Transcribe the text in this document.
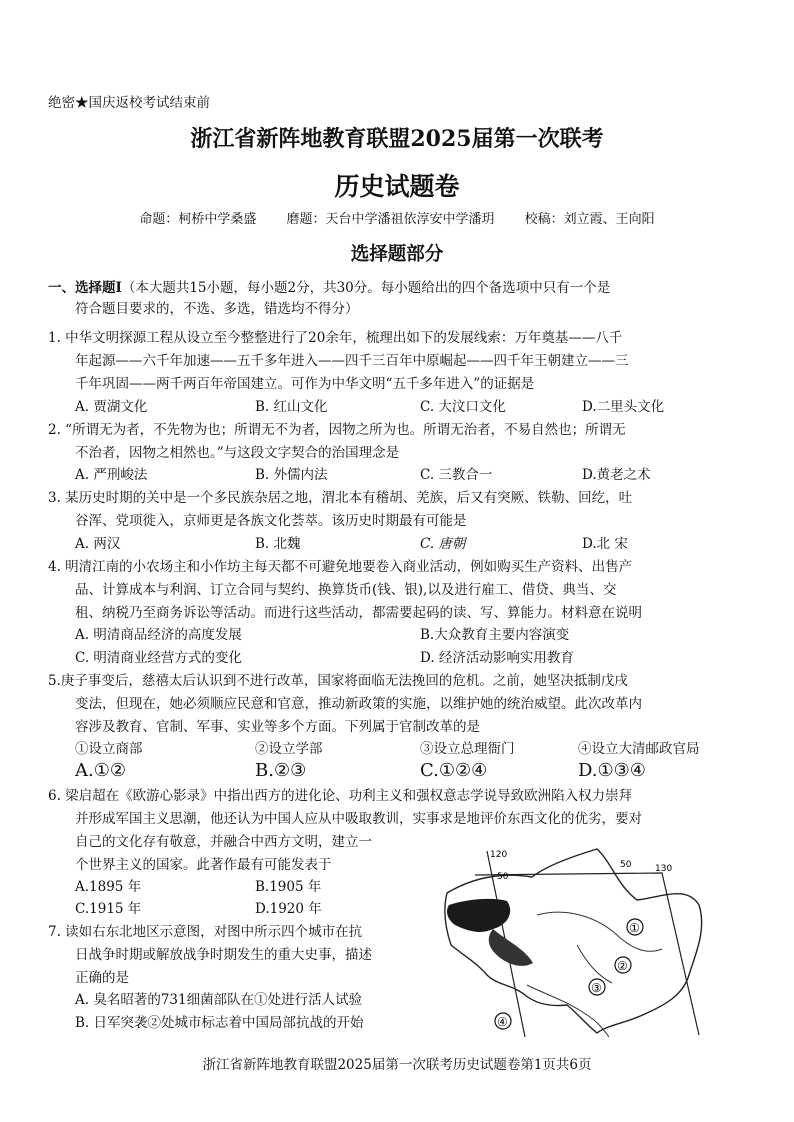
绝密★国庆返校考试结束前
浙江省新阵地教育联盟2025届第一次联考
历史试题卷
命题：柯桥中学桑盛 磨题：天台中学潘祖依淳安中学潘玥 校稿：刘立霞、王向阳
选择题部分
一、选择题Ⅰ（本大题共15小题，每小题2分，共30分。每小题给出的四个备选项中只有一个是
符合题目要求的，不选、多选，错选均不得分）
1. 中华文明探源工程从设立至今整整进行了20余年，梳理出如下的发展线索：万年奠基——八千
年起源——六千年加速——五千多年进入——四千三百年中原崛起——四千年王朝建立——三
千年巩固——两千两百年帝国建立。可作为中华文明“五千多年进入”的证据是
A. 贾湖文化	B. 红山文化	C. 大汶口文化	D.二里头文化
2. “所谓无为者，不先物为也；所谓无不为者，因物之所为也。所谓无治者，不易自然也；所谓无
不治者，因物之相然也。”与这段文字契合的治国理念是
A. 严刑峻法	B. 外儒内法	C. 三教合一	D.黄老之术
3. 某历史时期的关中是一个多民族杂居之地，渭北本有稽胡、羌族，后又有突厥、铁勒、回纥，吐
谷浑、党项徙入，京师更是各族文化荟萃。该历史时期最有可能是
A. 两汉	B. 北魏	C. 唐朝	D.北 宋
4. 明清江南的小农场主和小作坊主每天都不可避免地要卷入商业活动，例如购买生产资料、出售产
品、计算成本与利润、订立合同与契约、换算货币(钱、银),以及进行雇工、借贷、典当、交
租、纳税乃至商务诉讼等活动。而进行这些活动，都需要起码的读、写、算能力。材料意在说明
A. 明清商品经济的高度发展	B.大众教育主要内容演变
C. 明清商业经营方式的变化	D. 经济活动影响实用教育
5.庚子事变后，慈禧太后认识到不进行改革，国家将面临无法挽回的危机。之前，她坚决抵制戊戌
变法，但现在，她必须顺应民意和官意，推动新政策的实施，以维护她的统治威望。此次改革内
容涉及教育、官制、军事、实业等多个方面。下列属于官制改革的是
①设立商部	②设立学部	③设立总理衙门	④设立大清邮政官局
A.①②	B.②③	C.①②④	D.①③④
6. 梁启超在《欧游心影录》中指出西方的进化论、功利主义和强权意志学说导致欧洲陷入权力崇拜
并形成军国主义思潮，他还认为中国人应从中吸取教训，实事求是地评价东西文化的优劣，要对
自己的文化存有敬意，并融合中西方文明，建立一
个世界主义的国家。此著作最有可能发表于
A.1895 年	B.1905 年
C.1915 年	D.1920 年
7. 读如右东北地区示意图，对图中所示四个城市在抗
日战争时期或解放战争时期发生的重大史事，描述
正确的是
A. 臭名昭著的731细菌部队在①处进行活人试验
B. 日军突袭②处城市标志着中国局部抗战的开始
120
50	130
50
①
②
③
④
浙江省新阵地教育联盟2025届第一次联考历史试题卷第1页共6页
